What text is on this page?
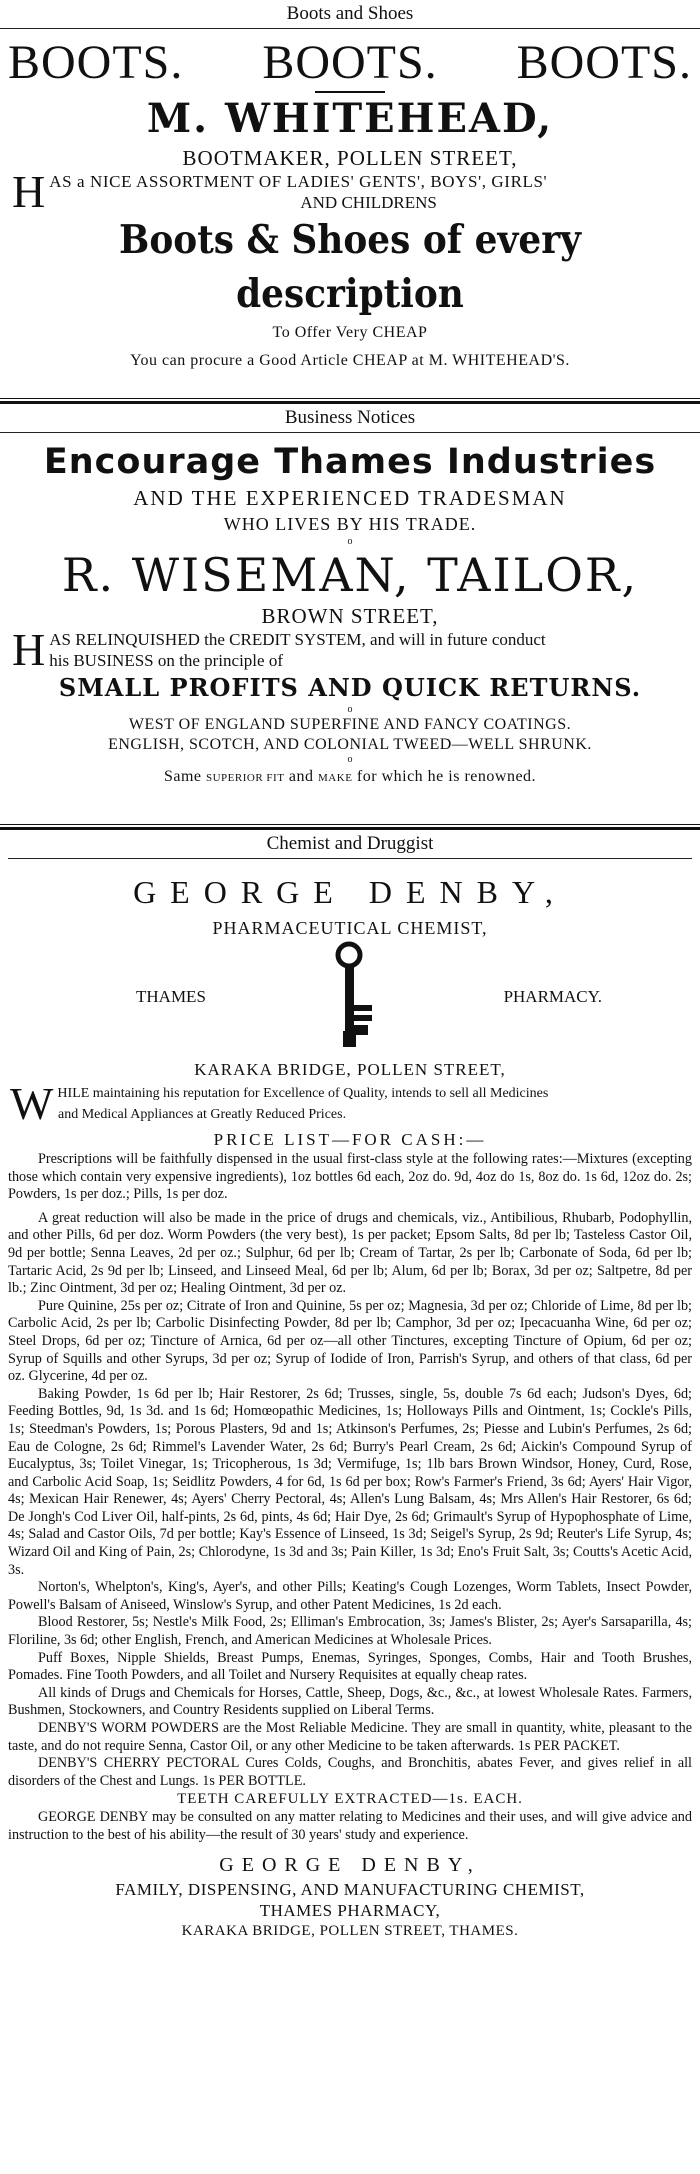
Boots and Shoes
BOOTS. BOOTS. BOOTS.
M. WHITEHEAD,
BOOTMAKER, POLLEN STREET,
H AS a NICE ASSORTMENT OF LADIES' GENTS', BOYS', GIRLS'
AND CHILDRENS
Boots & Shoes of every description
To Offer Very CHEAP
You can procure a Good Article CHEAP at M. WHITEHEAD'S.
Business Notices
Encourage Thames Industries
AND THE EXPERIENCED TRADESMAN
WHO LIVES BY HIS TRADE.
o
R. WISEMAN, TAILOR,
BROWN STREET,
H AS RELINQUISHED the CREDIT SYSTEM, and will in future conduct
his BUSINESS on the principle of
SMALL PROFITS AND QUICK RETURNS.
o
WEST OF ENGLAND SUPERFINE AND FANCY COATINGS.
ENGLISH, SCOTCH, AND COLONIAL TWEED—WELL SHRUNK.
o
Same SUPERIOR FIT and MAKE for which he is renowned.
Chemist and Druggist
GEORGE DENBY,
PHARMACEUTICAL CHEMIST,
THAMES	PHARMACY.
KARAKA BRIDGE, POLLEN STREET,
W HILE maintaining his reputation for Excellence of Quality, intends to sell all Medicines
and Medical Appliances at Greatly Reduced Prices.
PRICE LIST—FOR CASH:—

Prescriptions will be faithfully dispensed in the usual first-class style at the following rates:—Mixtures (excepting those which contain very expensive ingredients), 1oz bottles 6d each, 2oz do. 9d, 4oz do 1s, 8oz do. 1s 6d, 12oz do. 2s; Powders, 1s per doz.; Pills, 1s per doz.

A great reduction will also be made in the price of drugs and chemicals, viz., Antibilious, Rhubarb, Podophyllin, and other Pills, 6d per doz. Worm Powders (the very best), 1s per packet; Epsom Salts, 8d per lb; Tasteless Castor Oil, 9d per bottle; Senna Leaves, 2d per oz.; Sulphur, 6d per lb; Cream of Tartar, 2s per lb; Carbonate of Soda, 6d per lb; Tartaric Acid, 2s 9d per lb; Linseed, and Linseed Meal, 6d per lb; Alum, 6d per lb; Borax, 3d per oz; Saltpetre, 8d per lb.; Zinc Ointment, 3d per oz; Healing Ointment, 3d per oz.

Pure Quinine, 25s per oz; Citrate of Iron and Quinine, 5s per oz; Magnesia, 3d per oz; Chloride of Lime, 8d per lb; Carbolic Acid, 2s per lb; Carbolic Disinfecting Powder, 8d per lb; Camphor, 3d per oz; Ipecacuanha Wine, 6d per oz; Steel Drops, 6d per oz; Tincture of Arnica, 6d per oz—all other Tinctures, excepting Tincture of Opium, 6d per oz; Syrup of Squills and other Syrups, 3d per oz; Syrup of Iodide of Iron, Parrish's Syrup, and others of that class, 6d per oz. Glycerine, 4d per oz.

Baking Powder, 1s 6d per lb; Hair Restorer, 2s 6d; Trusses, single, 5s, double 7s 6d each; Judson's Dyes, 6d; Feeding Bottles, 9d, 1s 3d. and 1s 6d; Homœopathic Medicines, 1s; Holloways Pills and Ointment, 1s; Cockle's Pills, 1s; Steedman's Powders, 1s; Porous Plasters, 9d and 1s; Atkinson's Perfumes, 2s; Piesse and Lubin's Perfumes, 2s 6d; Eau de Cologne, 2s 6d; Rimmel's Lavender Water, 2s 6d; Burry's Pearl Cream, 2s 6d; Aickin's Compound Syrup of Eucalyptus, 3s; Toilet Vinegar, 1s; Tricopherous, 1s 3d; Vermifuge, 1s; 1lb bars Brown Windsor, Honey, Curd, Rose, and Carbolic Acid Soap, 1s; Seidlitz Powders, 4 for 6d, 1s 6d per box; Row's Farmer's Friend, 3s 6d; Ayers' Hair Vigor, 4s; Mexican Hair Renewer, 4s; Ayers' Cherry Pectoral, 4s; Allen's Lung Balsam, 4s; Mrs Allen's Hair Restorer, 6s 6d; De Jongh's Cod Liver Oil, half-pints, 2s 6d, pints, 4s 6d; Hair Dye, 2s 6d; Grimault's Syrup of Hypophosphate of Lime, 4s; Salad and Castor Oils, 7d per bottle; Kay's Essence of Linseed, 1s 3d; Seigel's Syrup, 2s 9d; Reuter's Life Syrup, 4s; Wizard Oil and King of Pain, 2s; Chlorodyne, 1s 3d and 3s; Pain Killer, 1s 3d; Eno's Fruit Salt, 3s; Coutts's Acetic Acid, 3s.

Norton's, Whelpton's, King's, Ayer's, and other Pills; Keating's Cough Lozenges, Worm Tablets, Insect Powder, Powell's Balsam of Aniseed, Winslow's Syrup, and other Patent Medicines, 1s 2d each.

Blood Restorer, 5s; Nestle's Milk Food, 2s; Elliman's Embrocation, 3s; James's Blister, 2s; Ayer's Sarsaparilla, 4s; Floriline, 3s 6d; other English, French, and American Medicines at Wholesale Prices.

Puff Boxes, Nipple Shields, Breast Pumps, Enemas, Syringes, Sponges, Combs, Hair and Tooth Brushes, Pomades. Fine Tooth Powders, and all Toilet and Nursery Requisites at equally cheap rates.

All kinds of Drugs and Chemicals for Horses, Cattle, Sheep, Dogs, &c., &c., at lowest Wholesale Rates. Farmers, Bushmen, Stockowners, and Country Residents supplied on Liberal Terms.

DENBY'S WORM POWDERS are the Most Reliable Medicine. They are small in quantity, white, pleasant to the taste, and do not require Senna, Castor Oil, or any other Medicine to be taken afterwards. 1s PER PACKET.

DENBY'S CHERRY PECTORAL Cures Colds, Coughs, and Bronchitis, abates Fever, and gives relief in all disorders of the Chest and Lungs. 1s PER BOTTLE.

TEETH CAREFULLY EXTRACTED—1s. EACH.

GEORGE DENBY may be consulted on any matter relating to Medicines and their uses, and will give advice and instruction to the best of his ability—the result of 30 years' study and experience.

GEORGE DENBY,
FAMILY, DISPENSING, AND MANUFACTURING CHEMIST,
THAMES PHARMACY,
KARAKA BRIDGE, POLLEN STREET, THAMES.
